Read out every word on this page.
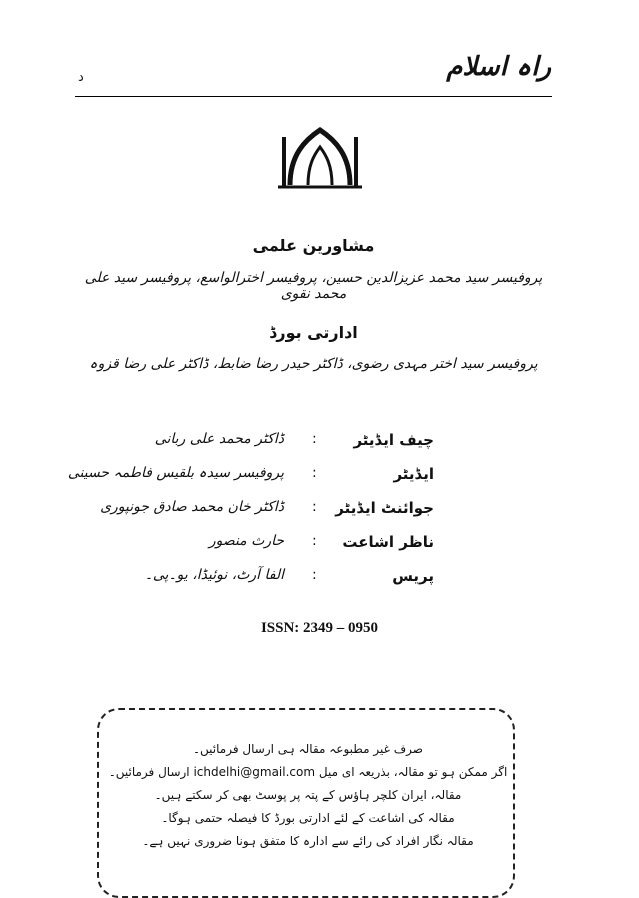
راہ اسلام
د
مشاورین علمی
پروفیسر سید محمد عزیزالدین حسین، پروفیسر اخترالواسع، پروفیسر سید علی محمد نقوی
ادارتی بورڈ
پروفیسر سید اختر مہدی رضوی، ڈاکٹر حیدر رضا ضابط، ڈاکٹر علی رضا قزوہ
چیف ایڈیٹر
:
ڈاکٹر محمد علی ربانی
ایڈیٹر
:
پروفیسر سیدہ بلقیس فاطمہ حسینی
جوائنٹ ایڈیٹر
:
ڈاکٹر خان محمد صادق جونپوری
ناظر اشاعت
:
حارث منصور
پریس
:
الفا آرٹ، نوئیڈا، یو۔پی۔
ISSN: 2349 – 0950
صرف غیر مطبوعہ مقالہ ہی ارسال فرمائیں۔
اگر ممکن ہو تو مقالہ، بذریعہ ای میل ichdelhi@gmail.com ارسال فرمائیں۔
مقالہ، ایران کلچر ہاؤس کے پتہ پر پوسٹ بھی کر سکتے ہیں۔
مقالہ کی اشاعت کے لئے ادارتی بورڈ کا فیصلہ حتمی ہوگا۔
مقالہ نگار افراد کی رائے سے ادارہ کا متفق ہونا ضروری نہیں ہے۔
